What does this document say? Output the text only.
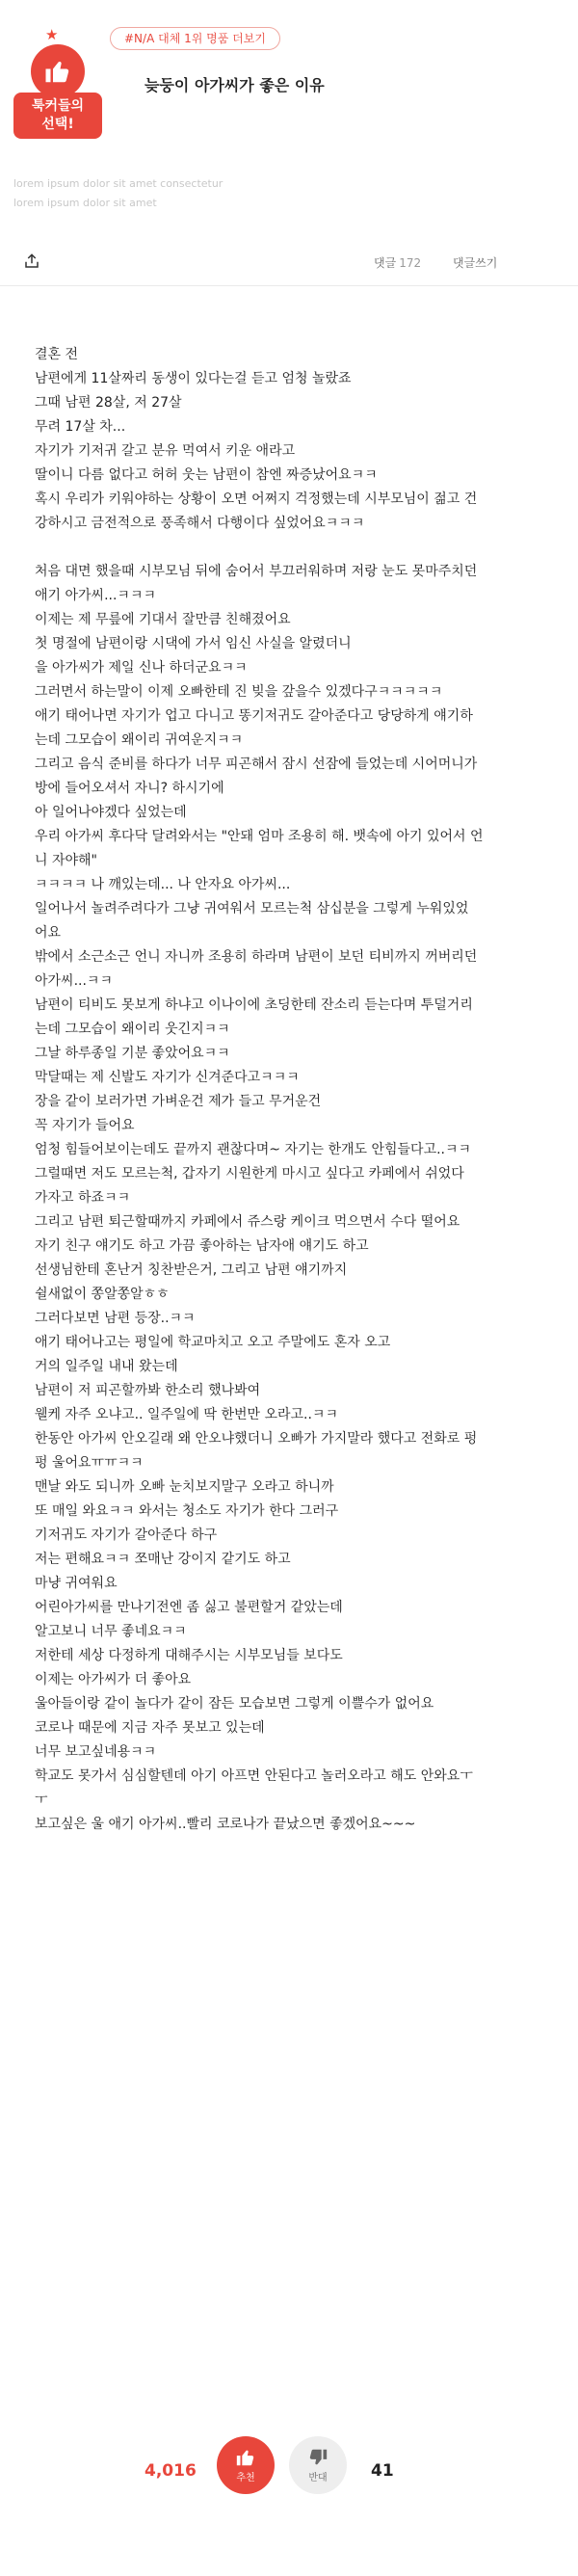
★
툭커들의
선택!
#N/A 대체 1위 명품 더보기
늦둥이 아가씨가 좋은 이유
lorem ipsum dolor sit amet consectetur
lorem ipsum dolor sit amet
댓글 172	댓글쓰기
결혼 전
남편에게 11살짜리 동생이 있다는걸 듣고 엄청 놀랐죠
그때 남편 28살, 저 27살
무려 17살 차...
자기가 기저귀 갈고 분유 먹여서 키운 애라고
딸이니 다름 없다고 허허 웃는 남편이 참엔 짜증났어요ㅋㅋ
혹시 우리가 키워야하는 상황이 오면 어쩌지 걱정했는데 시부모님이 젊고 건
강하시고 금전적으로 풍족해서 다행이다 싶었어요ㅋㅋㅋ
처음 대면 했을때 시부모님 뒤에 숨어서 부끄러워하며 저랑 눈도 못마주치던
애기 아가씨...ㅋㅋㅋ
이제는 제 무릎에 기대서 잘만큼 친해졌어요
첫 명절에 남편이랑 시댁에 가서 임신 사실을 알렸더니
을 아가씨가 제일 신나 하더군요ㅋㅋ
그러면서 하는말이 이제 오빠한테 진 빚을 갚을수 있겠다구ㅋㅋㅋㅋㅋ
애기 태어나면 자기가 업고 다니고 똥기저귀도 갈아준다고 당당하게 얘기하
는데 그모습이 왜이리 귀여운지ㅋㅋ
그리고 음식 준비를 하다가 너무 피곤해서 잠시 선잠에 들었는데 시어머니가
방에 들어오셔서 자니? 하시기에
아 일어나야겠다 싶었는데
우리 아가씨 후다닥 달려와서는 "안돼 엄마 조용히 해. 뱃속에 아기 있어서 언
니 자야해"
ㅋㅋㅋㅋ 나 깨있는데... 나 안자요 아가씨...
일어나서 놀려주려다가 그냥 귀여워서 모르는척 삼십분을 그렇게 누워있었
어요
밖에서 소근소근 언니 자니까 조용히 하라며 남편이 보던 티비까지 꺼버리던
아가씨...ㅋㅋ
남편이 티비도 못보게 하냐고 이나이에 초딩한테 잔소리 듣는다며 투덜거리
는데 그모습이 왜이리 웃긴지ㅋㅋ
그날 하루종일 기분 좋았어요ㅋㅋ
막달때는 제 신발도 자기가 신겨준다고ㅋㅋㅋ
장을 같이 보러가면 가벼운건 제가 들고 무거운건
꼭 자기가 들어요
엄청 힘들어보이는데도 끝까지 괜찮다며~ 자기는 한개도 안힘들다고..ㅋㅋ
그럴때면 저도 모르는척, 갑자기 시원한게 마시고 싶다고 카페에서 쉬었다
가자고 하죠ㅋㅋ
그리고 남편 퇴근할때까지 카페에서 쥬스랑 케이크 먹으면서 수다 떨어요
자기 친구 얘기도 하고 가끔 좋아하는 남자애 얘기도 하고
선생님한테 혼난거 칭찬받은거, 그리고 남편 얘기까지
쉴새없이 쫑알쫑알ㅎㅎ
그러다보면 남편 등장..ㅋㅋ
애기 태어나고는 평일에 학교마치고 오고 주말에도 혼자 오고
거의 일주일 내내 왔는데
남편이 저 피곤할까봐 한소리 했나봐여
웰케 자주 오냐고.. 일주일에 딱 한번만 오라고..ㅋㅋ
한동안 아가씨 안오길래 왜 안오냐했더니 오빠가 가지말라 했다고 전화로 펑
펑 울어요ㅠㅠㅋㅋ
맨날 와도 되니까 오빠 눈치보지말구 오라고 하니까
또 매일 와요ㅋㅋ 와서는 청소도 자기가 한다 그러구
기저귀도 자기가 갈아준다 하구
저는 편해요ㅋㅋ 쪼매난 강이지 같기도 하고
마냥 귀여워요
어린아가씨를 만나기전엔 좀 싫고 불편할거 같았는데
알고보니 너무 좋네요ㅋㅋ
저한테 세상 다정하게 대해주시는 시부모님들 보다도
이제는 아가씨가 더 좋아요
울아들이랑 같이 놀다가 같이 잠든 모습보면 그렇게 이쁠수가 없어요
코로나 때문에 지금 자주 못보고 있는데
너무 보고싶네용ㅋㅋ
학교도 못가서 심심할텐데 아기 아프면 안된다고 놀러오라고 해도 안와요ㅜ
ㅜ
보고싶은 울 애기 아가씨..빨리 코로나가 끝났으면 좋겠어요~~~
4,016	추천	반대	41
